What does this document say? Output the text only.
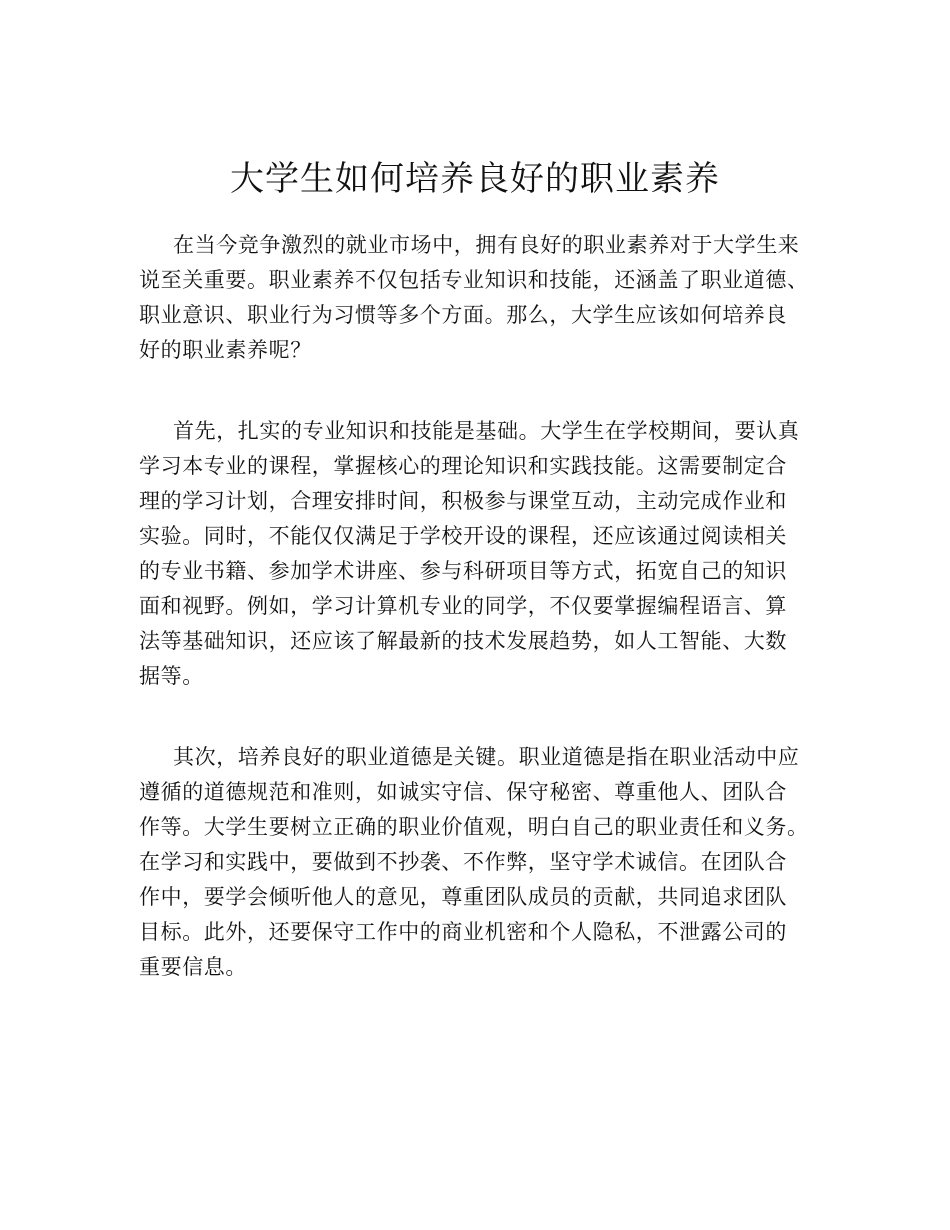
大学生如何培养良好的职业素养
在当今竞争激烈的就业市场中，拥有良好的职业素养对于大学生来
说至关重要。职业素养不仅包括专业知识和技能，还涵盖了职业道德、
职业意识、职业行为习惯等多个方面。那么，大学生应该如何培养良
好的职业素养呢？
首先，扎实的专业知识和技能是基础。大学生在学校期间，要认真
学习本专业的课程，掌握核心的理论知识和实践技能。这需要制定合
理的学习计划，合理安排时间，积极参与课堂互动，主动完成作业和
实验。同时，不能仅仅满足于学校开设的课程，还应该通过阅读相关
的专业书籍、参加学术讲座、参与科研项目等方式，拓宽自己的知识
面和视野。例如，学习计算机专业的同学，不仅要掌握编程语言、算
法等基础知识，还应该了解最新的技术发展趋势，如人工智能、大数
据等。
其次，培养良好的职业道德是关键。职业道德是指在职业活动中应
遵循的道德规范和准则，如诚实守信、保守秘密、尊重他人、团队合
作等。大学生要树立正确的职业价值观，明白自己的职业责任和义务。
在学习和实践中，要做到不抄袭、不作弊，坚守学术诚信。在团队合
作中，要学会倾听他人的意见，尊重团队成员的贡献，共同追求团队
目标。此外，还要保守工作中的商业机密和个人隐私，不泄露公司的
重要信息。
